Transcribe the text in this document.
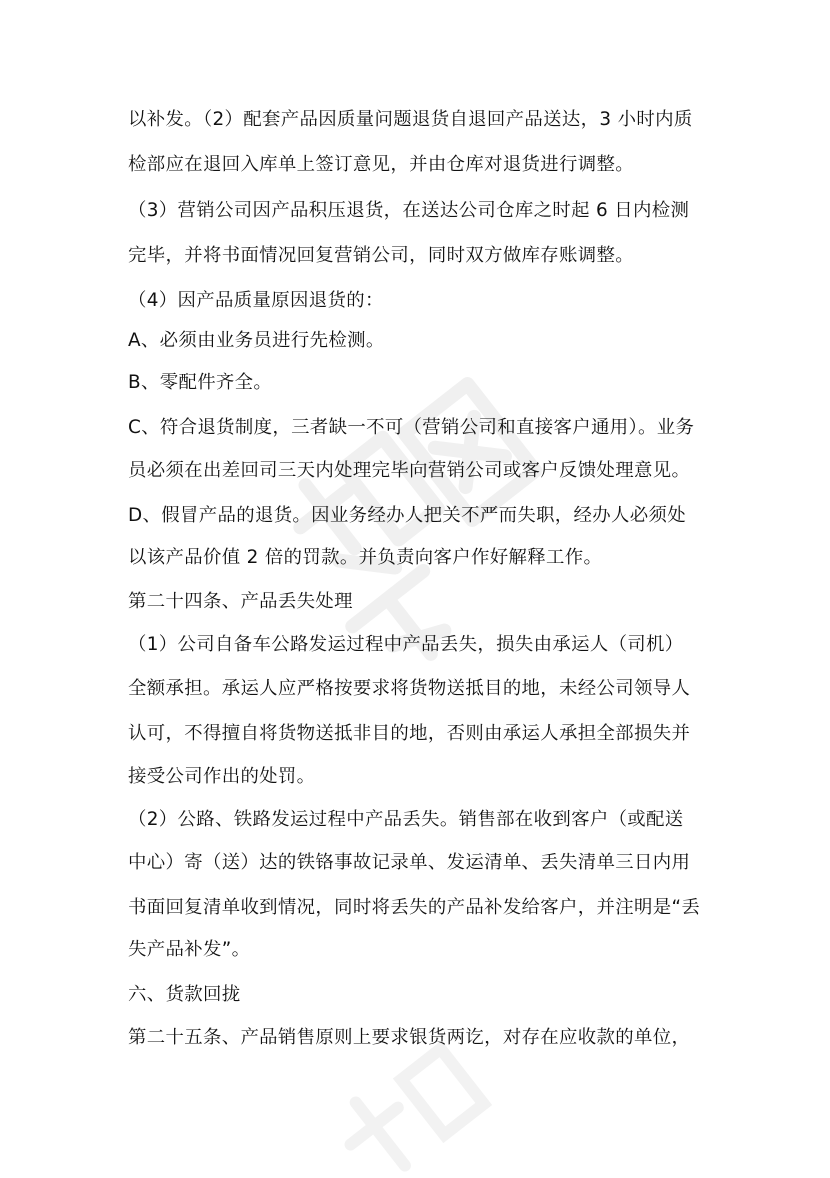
以补发。（2）配套产品因质量问题退货自退回产品送达，3 小时内质
检部应在退回入库单上签订意见，并由仓库对退货进行调整。
（3）营销公司因产品积压退货，在送达公司仓库之时起 6 日内检测
完毕，并将书面情况回复营销公司，同时双方做库存账调整。
（4）因产品质量原因退货的：
A、必须由业务员进行先检测。
B、零配件齐全。
C、符合退货制度，三者缺一不可（营销公司和直接客户通用）。业务
员必须在出差回司三天内处理完毕向营销公司或客户反馈处理意见。
D、假冒产品的退货。因业务经办人把关不严而失职，经办人必须处
以该产品价值 2 倍的罚款。并负责向客户作好解释工作。
第二十四条、产品丢失处理
（1）公司自备车公路发运过程中产品丢失，损失由承运人（司机）
全额承担。承运人应严格按要求将货物送抵目的地，未经公司领导人
认可，不得擅自将货物送抵非目的地，否则由承运人承担全部损失并
接受公司作出的处罚。
（2）公路、铁路发运过程中产品丢失。销售部在收到客户（或配送
中心）寄（送）达的铁铬事故记录单、发运清单、丢失清单三日内用
书面回复清单收到情况，同时将丢失的产品补发给客户，并注明是“丢
失产品补发”。
六、货款回拢
第二十五条、产品销售原则上要求银货两讫，对存在应收款的单位，
